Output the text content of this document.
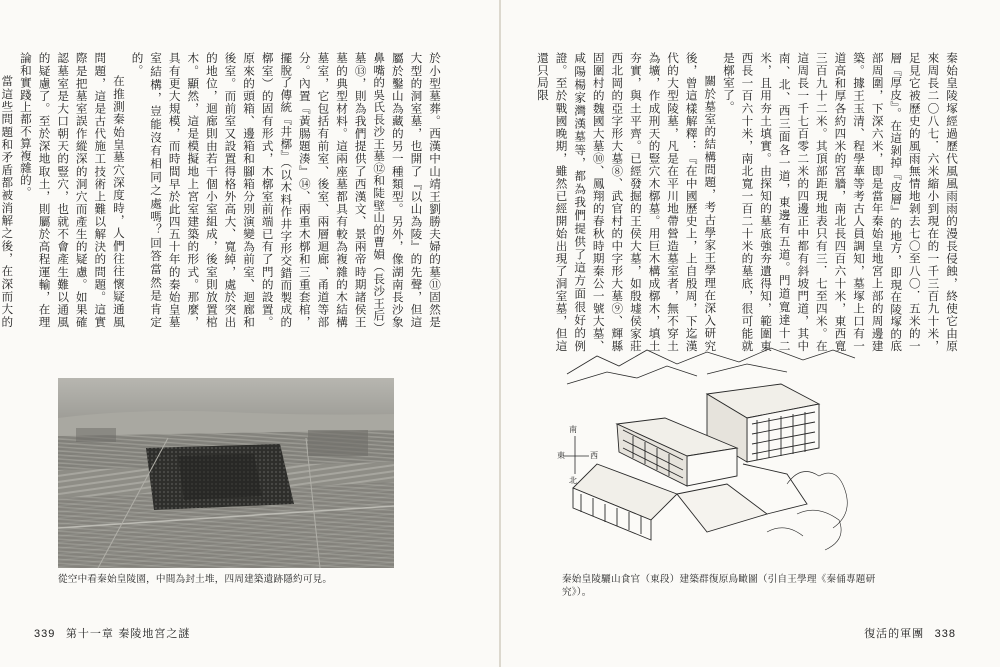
於小型墓葬。西漢中山靖王劉勝夫婦的墓⑪固然是大型的洞室墓，也開了『以山為陵』的先聲，但這屬於鑿山為藏的另一種類型。另外，像湖南長沙象鼻嘴的吳氏長沙王墓⑫和陡壁山的曹㜏（長沙王后）墓⑬，則為我們提供了西漢文、景兩帝時期諸侯王墓的典型材料。這兩座墓都具有較為複雜的木結構墓室，它包括有前室、後室、兩層迴廊、甬道等部分。內置『黃腸題湊』⑭、兩重木槨和三重套棺，擺脫了傳統『井槨』（以木料作井字形交錯而製成的槨室）的固有形式，木槨室前端已有了門的設置。原來的頭箱、邊箱和腳箱分別演變為前室、迴廊和後室。而前室又設置得格外高大、寬綽，處於突出的地位，迴廊則由若干個小室組成，後室則放置棺木。顯然，這是模擬地上宮室建築的形式。那麼，具有更大規模，而時間早於此四五十年的秦始皇墓室結構，豈能沒有相同之處嗎？回答當然是肯定的。

在推測秦始皇墓穴深度時，人們往往懷疑通風問題，這是古代施工技術上難以解決的問題。這實際是把墓室誤作縱深的洞穴而產生的疑慮。如果確認墓室是大口朝天的豎穴，也就不會產生難以通風的疑慮了。至於深地取土，則屬於高程運輸，在理論和實踐上都不算複雜的。

當這些問題和矛盾都被消解之後，在深而大的

從空中看秦始皇陵園，中間為封土堆，四周建築遺跡隱約可見。
339 第十一章 秦陵地宮之謎

秦始皇陵塚經過歷代風風雨雨的漫長侵蝕，終使它由原來周長二〇八七．六米縮小到現在的一千三百九十米，足見它被歷史的風雨無情地剝去七〇至八〇．五米的一層『厚皮』。在這剝掉『皮層』的地方，即現在陵塚的底部周圍，下深六米，即是當年秦始皇地宮上部的周邊建築。據王玉清、程學華等考古人員調知，墓塚上口有一道高和厚各約四米的宮牆，南北長四百六十米，東西寬三百九十二米。其頂部距現地表只有三．七至四米。在這周長一千七百零二米的四邊正中都有斜坡門道，其中南、北、西三面各一道，東邊有五道。門道寬達十二米，且用夯土填實。由探知的墓底強夯遺得知，範圍東西長一百六十米，南北寬一百二十米的墓底，很可能就是槨室了。

關於墓室的結構問題，考古學家王學理在深入研究後，曾這樣解釋：『在中國歷史上，上自殷周，下迄漢代的大型陵墓，凡是在平川地帶營造墓室者，無不穿土為壙，作成刑天的豎穴木槨墓。用巨木構成槨木，填土夯實，與土平齊。已經發掘的王侯大墓，如殷墟侯家莊西北岡的亞字形大墓⑧、武官村的中字形大墓⑨、輝縣固圍村的魏國大墓⑩、鳳翔的春秋時期秦公一號大墓、咸陽楊家灣漢墓等，都為我們提供了這方面很好的例證。至於戰國晚期，雖然已經開始出現了洞室墓，但這還只局限

南
北
東	西
秦始皇陵驪山食官（東段）建築群復原鳥瞰圖（引自王學理《秦俑專題研究》）。
復活的軍團 338
